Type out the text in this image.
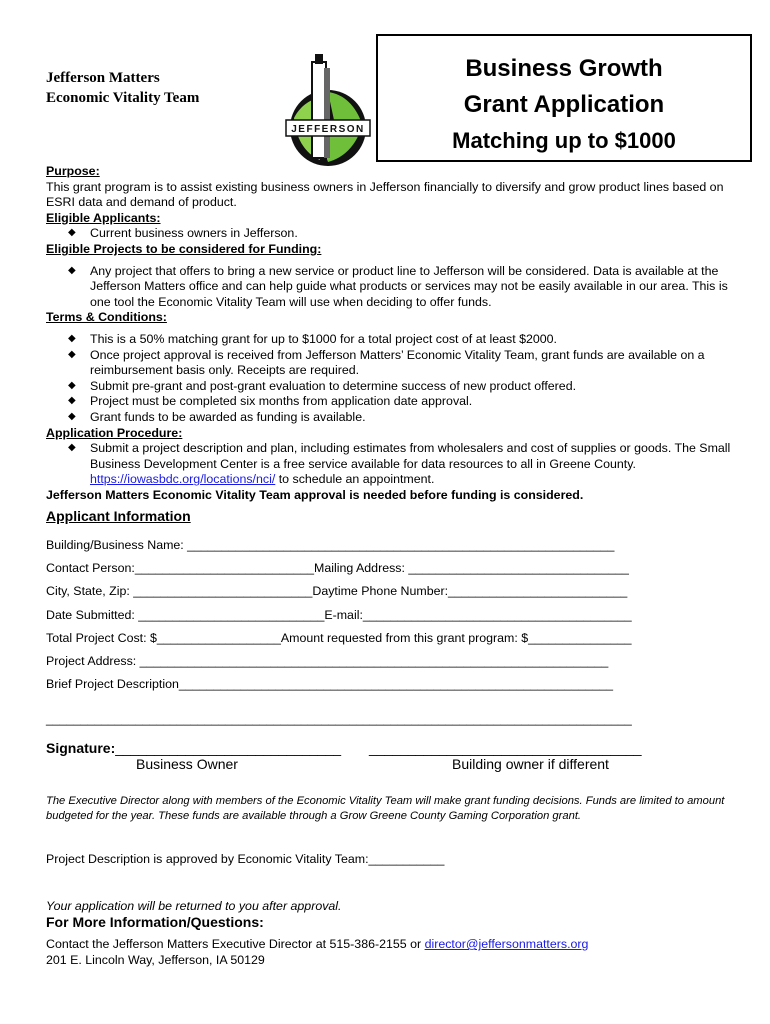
Jefferson Matters
Economic Vitality Team
JEFFERSON
Business Growth
Grant Application
Matching up to $1000
Purpose:
This grant program is to assist existing business owners in Jefferson financially to diversify and grow product lines based on ESRI data and demand of product.
Eligible Applicants:
◆ Current business owners in Jefferson.
Eligible Projects to be considered for Funding:
◆ Any project that offers to bring a new service or product line to Jefferson will be considered. Data is available at the Jefferson Matters office and can help guide what products or services may not be easily available in our area. This is one tool the Economic Vitality Team will use when deciding to offer funds.
Terms & Conditions:
◆ This is a 50% matching grant for up to $1000 for a total project cost of at least $2000.
◆ Once project approval is received from Jefferson Matters’ Economic Vitality Team, grant funds are available on a reimbursement basis only. Receipts are required.
◆ Submit pre-grant and post-grant evaluation to determine success of new product offered.
◆ Project must be completed six months from application date approval.
◆ Grant funds to be awarded as funding is available.
Application Procedure:
◆ Submit a project description and plan, including estimates from wholesalers and cost of supplies or goods. The Small Business Development Center is a free service available for data resources to all in Greene County.  https://iowasbdc.org/locations/nci/ to schedule an appointment.
Jefferson Matters Economic Vitality Team approval is needed before funding is considered.
Applicant Information
Building/Business Name: ______________________________________________________________
Contact Person:__________________________Mailing Address: ________________________________
City, State, Zip: __________________________Daytime Phone Number:__________________________
Date Submitted: ___________________________E-mail:_______________________________________
Total Project Cost: $__________________Amount requested from this grant program: $_______________
Project Address: ____________________________________________________________________
Brief Project Description_______________________________________________________________
_____________________________________________________________________________________
Signature:_____________________________ ___________________________________
Business Owner	Building owner if different
The Executive Director along with members of the Economic Vitality Team will make grant funding decisions. Funds are limited to amount budgeted for the year. These funds are available through a Grow Greene County Gaming Corporation grant.
Project Description is approved by Economic Vitality Team:___________
Your application will be returned to you after approval.
For More Information/Questions:
Contact the Jefferson Matters Executive Director at 515-386-2155 or director@jeffersonmatters.org
201 E. Lincoln Way, Jefferson, IA 50129
